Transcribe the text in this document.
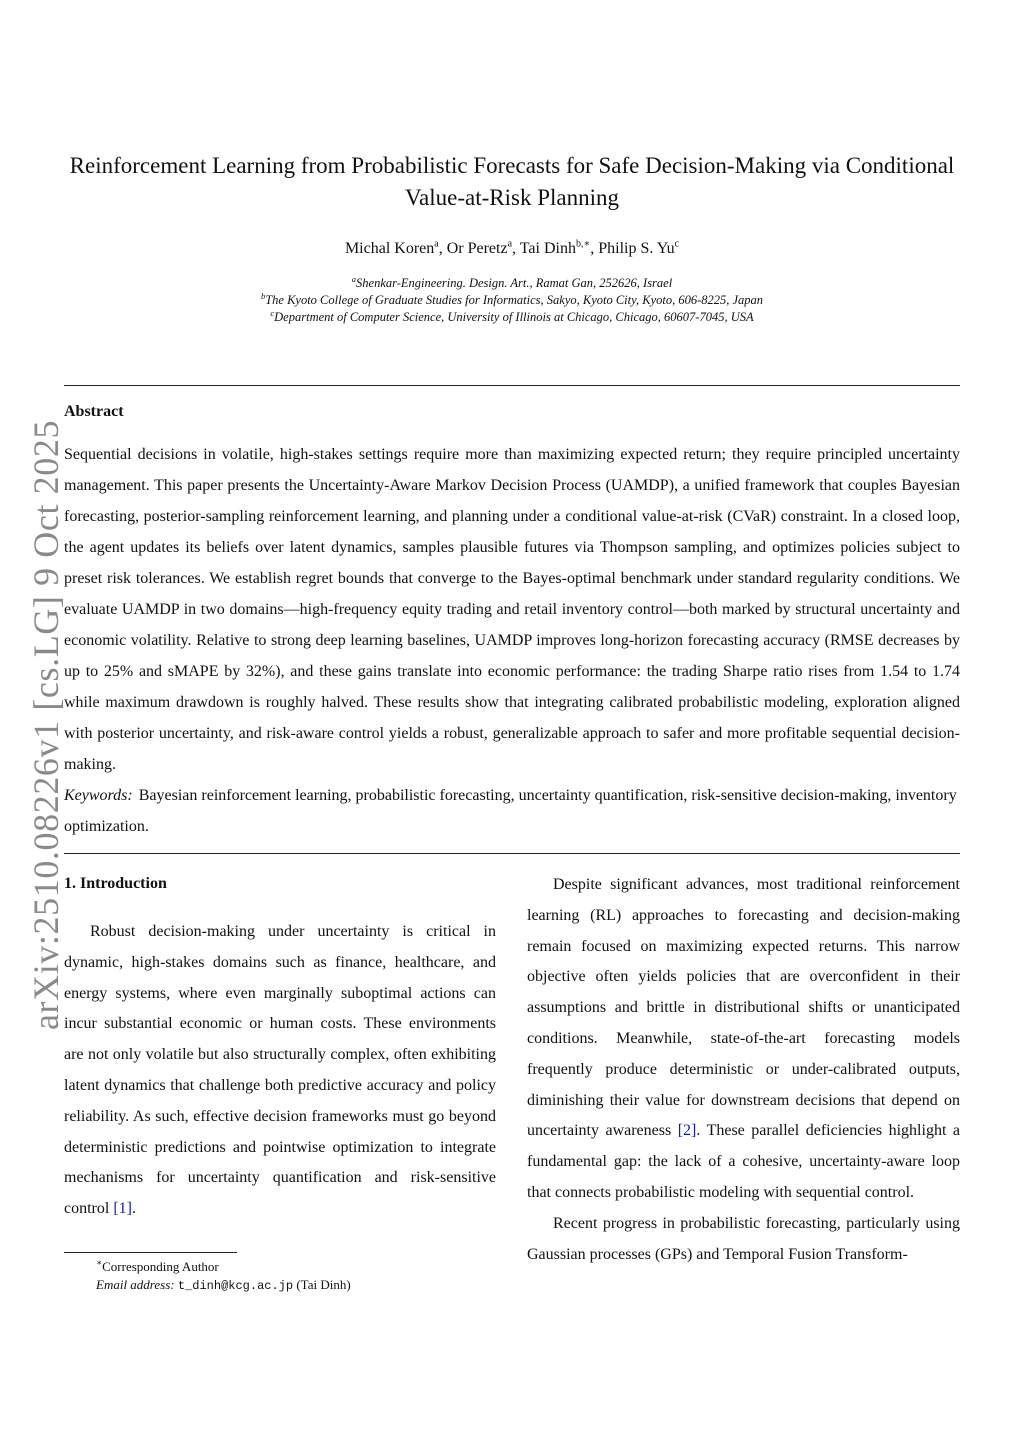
arXiv:2510.08226v1 [cs.LG] 9 Oct 2025
Reinforcement Learning from Probabilistic Forecasts for Safe Decision-Making via Conditional Value-at-Risk Planning
Michal Koren$^a$, Or Peretz$^a$, Tai Dinh$^{b,∗}$, Philip S. Yu$^c$
$^a$Shenkar-Engineering. Design. Art., Ramat Gan, 252626, Israel
$^b$The Kyoto College of Graduate Studies for Informatics, Sakyo, Kyoto City, Kyoto, 606-8225, Japan
$^c$Department of Computer Science, University of Illinois at Chicago, Chicago, 60607-7045, USA
Abstract

Sequential decisions in volatile, high-stakes settings require more than maximizing expected return; they require principled uncertainty management. This paper presents the Uncertainty-Aware Markov Decision Process (UAMDP), a unified framework that couples Bayesian forecasting, posterior-sampling reinforcement learning, and planning under a conditional value-at-risk (CVaR) constraint. In a closed loop, the agent updates its beliefs over latent dynamics, samples plausible futures via Thompson sampling, and optimizes policies subject to preset risk tolerances. We establish regret bounds that converge to the Bayes-optimal benchmark under standard regularity conditions. We evaluate UAMDP in two domains—high-frequency equity trading and retail inventory control—both marked by structural uncertainty and economic volatility. Relative to strong deep learning baselines, UAMDP improves long-horizon forecasting accuracy (RMSE decreases by up to 25% and sMAPE by 32%), and these gains translate into economic performance: the trading Sharpe ratio rises from 1.54 to 1.74 while maximum drawdown is roughly halved. These results show that integrating calibrated probabilistic modeling, exploration aligned with posterior uncertainty, and risk-aware control yields a robust, generalizable approach to safer and more profitable sequential decision-making.

Keywords: Bayesian reinforcement learning, probabilistic forecasting, uncertainty quantification, risk-sensitive decision-making, inventory optimization.

1. Introduction

Robust decision-making under uncertainty is critical in dynamic, high-stakes domains such as finance, healthcare, and energy systems, where even marginally suboptimal actions can incur substantial economic or human costs. These environments are not only volatile but also structurally complex, often exhibiting latent dynamics that challenge both predictive accuracy and policy reliability. As such, effective decision frameworks must go beyond deterministic predictions and pointwise optimization to integrate mechanisms for uncertainty quantification and risk-sensitive control [1].

Despite significant advances, most traditional reinforcement learning (RL) approaches to forecasting and decision-making remain focused on maximizing expected returns. This narrow objective often yields policies that are overconfident in their assumptions and brittle in distributional shifts or unanticipated conditions. Meanwhile, state-of-the-art forecasting models frequently produce deterministic or under-calibrated outputs, diminishing their value for downstream decisions that depend on uncertainty awareness [2]. These parallel deficiencies highlight a fundamental gap: the lack of a cohesive, uncertainty-aware loop that connects probabilistic modeling with sequential control.

Recent progress in probabilistic forecasting, particularly using Gaussian processes (GPs) and Temporal Fusion Transform-

∗Corresponding Author
Email address: t_dinh@kcg.ac.jp (Tai Dinh)
